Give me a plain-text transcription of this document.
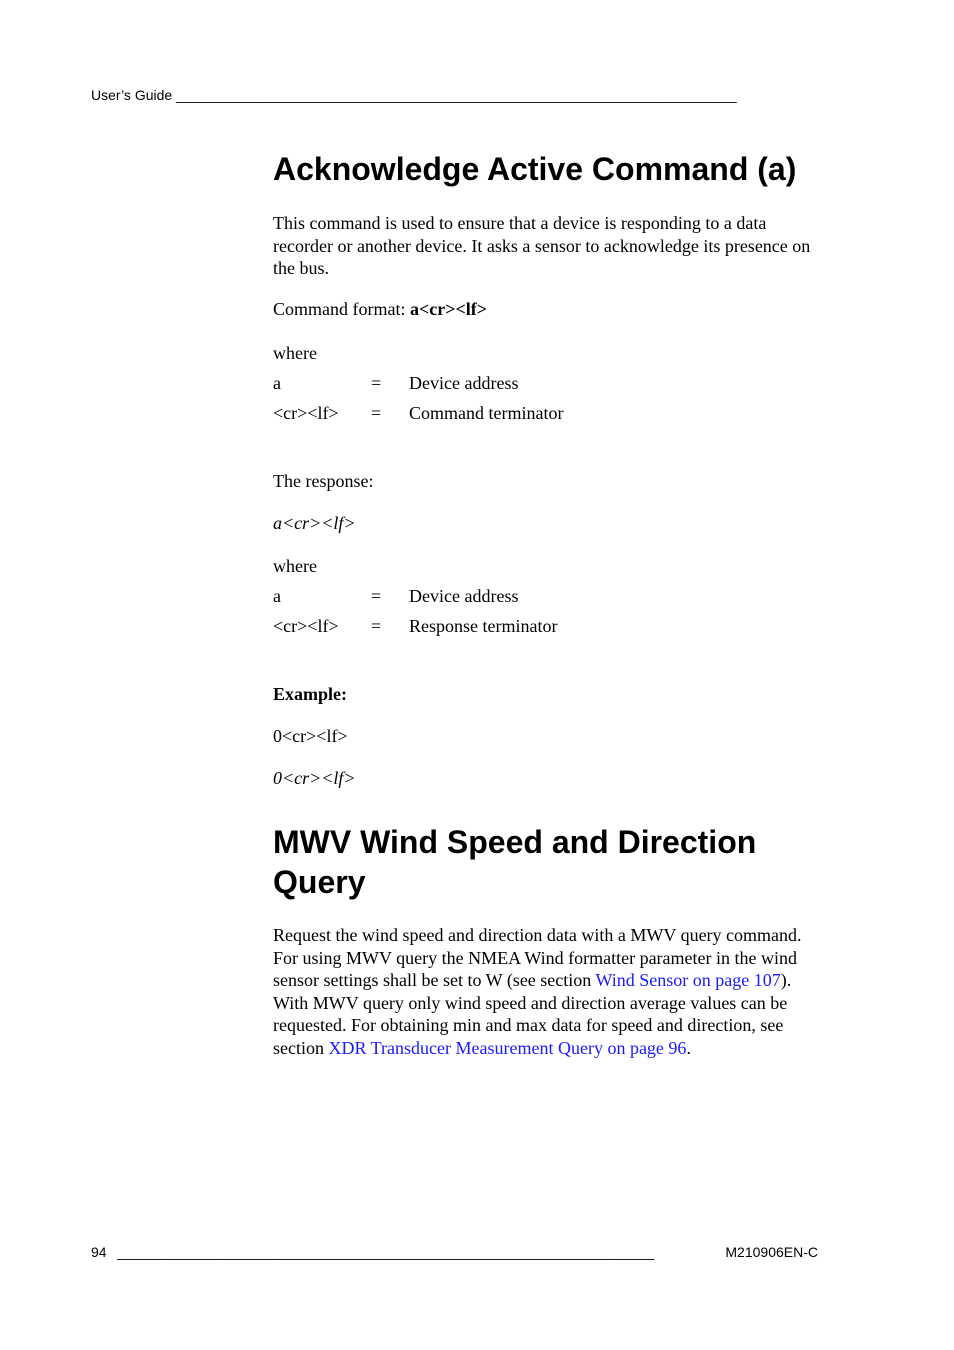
User’s Guide ________________________________________________________________________
Acknowledge Active Command (a)

This command is used to ensure that a device is responding to a data recorder or another device. It asks a sensor to acknowledge its presence on the bus.

Command format: a<cr><lf>

where

a	= Device address
<cr><lf> = Command terminator

The response:

a<cr><lf>

where

a	= Device address
<cr><lf> = Response terminator

Example:

0<cr><lf>

0<cr><lf>

MWV Wind Speed and Direction
Query

Request the wind speed and direction data with a MWV query command. For using MWV query the NMEA Wind formatter parameter in the wind sensor settings shall be set to W (see section Wind Sensor on page 107). With MWV query only wind speed and direction average values can be requested. For obtaining min and max data for speed and direction, see section XDR Transducer Measurement Query on page 96.

94 _____________________________________________________________________	M210906EN-C
